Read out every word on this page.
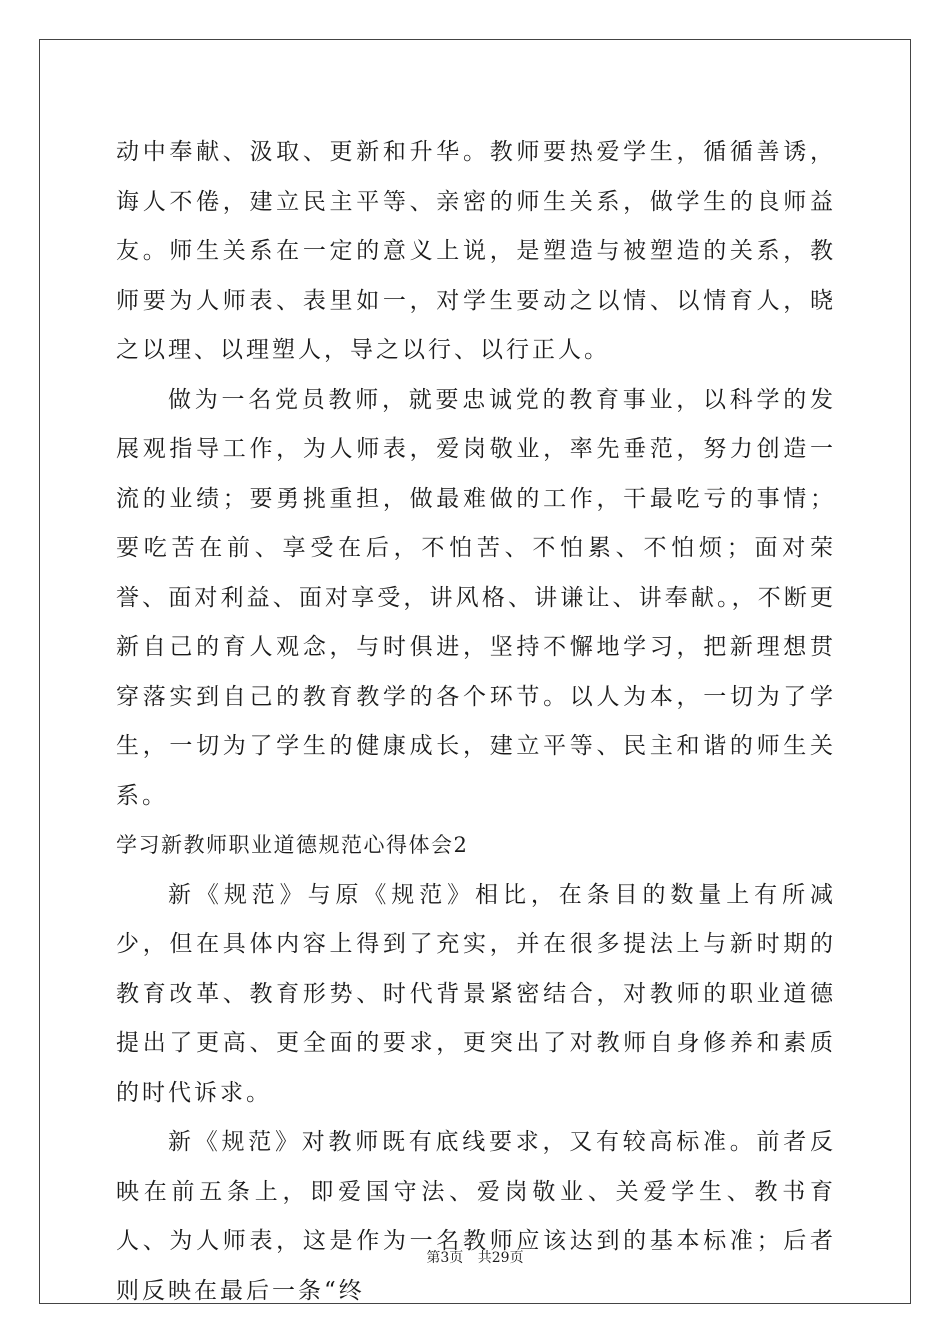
动中奉献、汲取、更新和升华。教师要热爱学生，循循善诱，诲人不倦，建立民主平等、亲密的师生关系，做学生的良师益友。师生关系在一定的意义上说，是塑造与被塑造的关系，教师要为人师表、表里如一，对学生要动之以情、以情育人，晓之以理、以理塑人，导之以行、以行正人。

做为一名党员教师，就要忠诚党的教育事业，以科学的发展观指导工作，为人师表，爱岗敬业，率先垂范，努力创造一流的业绩；要勇挑重担，做最难做的工作，干最吃亏的事情；要吃苦在前、享受在后，不怕苦、不怕累、不怕烦；面对荣誉、面对利益、面对享受，讲风格、讲谦让、讲奉献。，不断更新自己的育人观念，与时俱进，坚持不懈地学习，把新理想贯穿落实到自己的教育教学的各个环节。以人为本，一切为了学生，一切为了学生的健康成长，建立平等、民主和谐的师生关系。

学习新教师职业道德规范心得体会2

新《规范》与原《规范》相比，在条目的数量上有所减少，但在具体内容上得到了充实，并在很多提法上与新时期的教育改革、教育形势、时代背景紧密结合，对教师的职业道德提出了更高、更全面的要求，更突出了对教师自身修养和素质的时代诉求。

新《规范》对教师既有底线要求，又有较高标准。前者反映在前五条上，即爱国守法、爱岗敬业、关爱学生、教书育人、为人师表，这是作为一名教师应该达到的基本标准；后者则反映在最后一条“终

第3页 共29页
